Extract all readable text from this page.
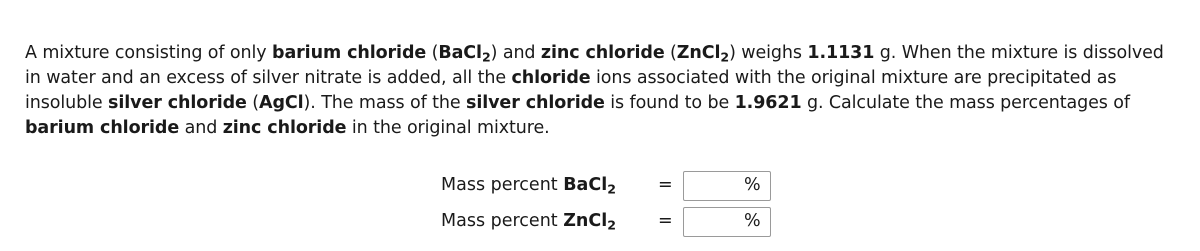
A mixture consisting of only barium chloride (BaCl$_2$) and zinc chloride (ZnCl$_2$) weighs 1.1131 g. When the mixture is dissolved in water and an excess of silver nitrate is added, all the chloride ions associated with the original mixture are precipitated as insoluble silver chloride (AgCl). The mass of the silver chloride is found to be 1.9621 g. Calculate the mass percentages of barium chloride and zinc chloride in the original mixture.
Mass percent BaCl$_2$ =	%
Mass percent ZnCl$_2$ =	%
